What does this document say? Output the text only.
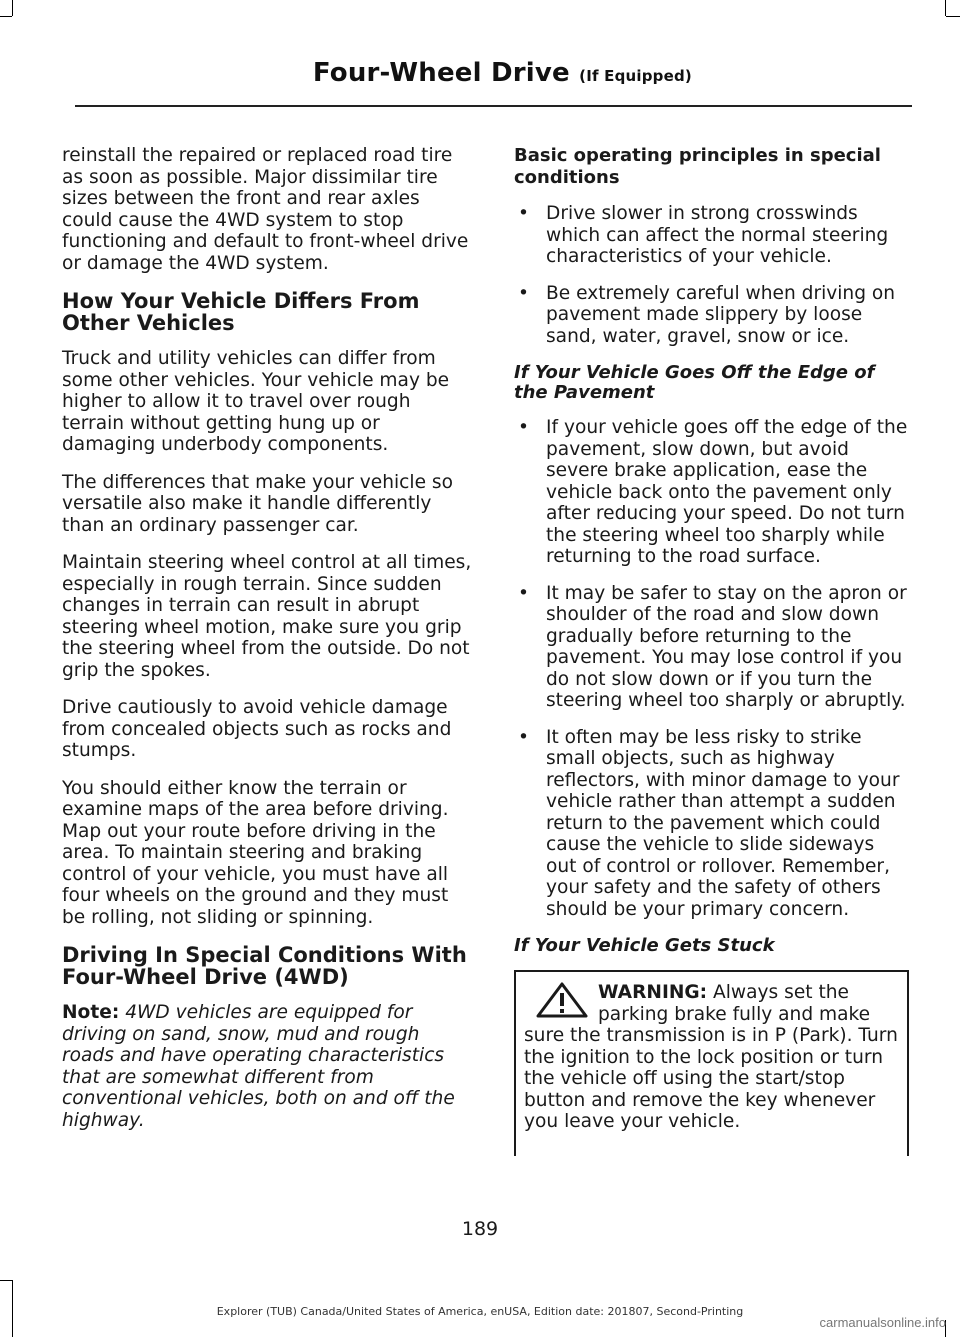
Four-Wheel Drive (If Equipped)

reinstall the repaired or replaced road tire as soon as possible. Major dissimilar tire sizes between the front and rear axles could cause the 4WD system to stop functioning and default to front-wheel drive or damage the 4WD system.

How Your Vehicle Differs From Other Vehicles

Truck and utility vehicles can differ from some other vehicles. Your vehicle may be higher to allow it to travel over rough terrain without getting hung up or damaging underbody components.

The differences that make your vehicle so versatile also make it handle differently than an ordinary passenger car.

Maintain steering wheel control at all times, especially in rough terrain. Since sudden changes in terrain can result in abrupt steering wheel motion, make sure you grip the steering wheel from the outside. Do not grip the spokes.

Drive cautiously to avoid vehicle damage from concealed objects such as rocks and stumps.

You should either know the terrain or examine maps of the area before driving. Map out your route before driving in the area. To maintain steering and braking control of your vehicle, you must have all four wheels on the ground and they must be rolling, not sliding or spinning.

Driving In Special Conditions With Four-Wheel Drive (4WD)

Note: 4WD vehicles are equipped for driving on sand, snow, mud and rough roads and have operating characteristics that are somewhat different from conventional vehicles, both on and off the highway.

Basic operating principles in special conditions
• Drive slower in strong crosswinds which can affect the normal steering characteristics of your vehicle.
• Be extremely careful when driving on pavement made slippery by loose sand, water, gravel, snow or ice.
If Your Vehicle Goes Off the Edge of the Pavement
• If your vehicle goes off the edge of the pavement, slow down, but avoid severe brake application, ease the vehicle back onto the pavement only after reducing your speed. Do not turn the steering wheel too sharply while returning to the road surface.
• It may be safer to stay on the apron or shoulder of the road and slow down gradually before returning to the pavement. You may lose control if you do not slow down or if you turn the steering wheel too sharply or abruptly.
• It often may be less risky to strike small objects, such as highway reflectors, with minor damage to your vehicle rather than attempt a sudden return to the pavement which could cause the vehicle to slide sideways out of control or rollover. Remember, your safety and the safety of others should be your primary concern.
If Your Vehicle Gets Stuck
WARNING: Always set the parking brake fully and make sure the transmission is in P (Park). Turn the ignition to the lock position or turn the vehicle off using the start/stop button and remove the key whenever you leave your vehicle.
189
Explorer (TUB) Canada/United States of America, enUSA, Edition date: 201807, Second-Printing
carmanualsonline.info
